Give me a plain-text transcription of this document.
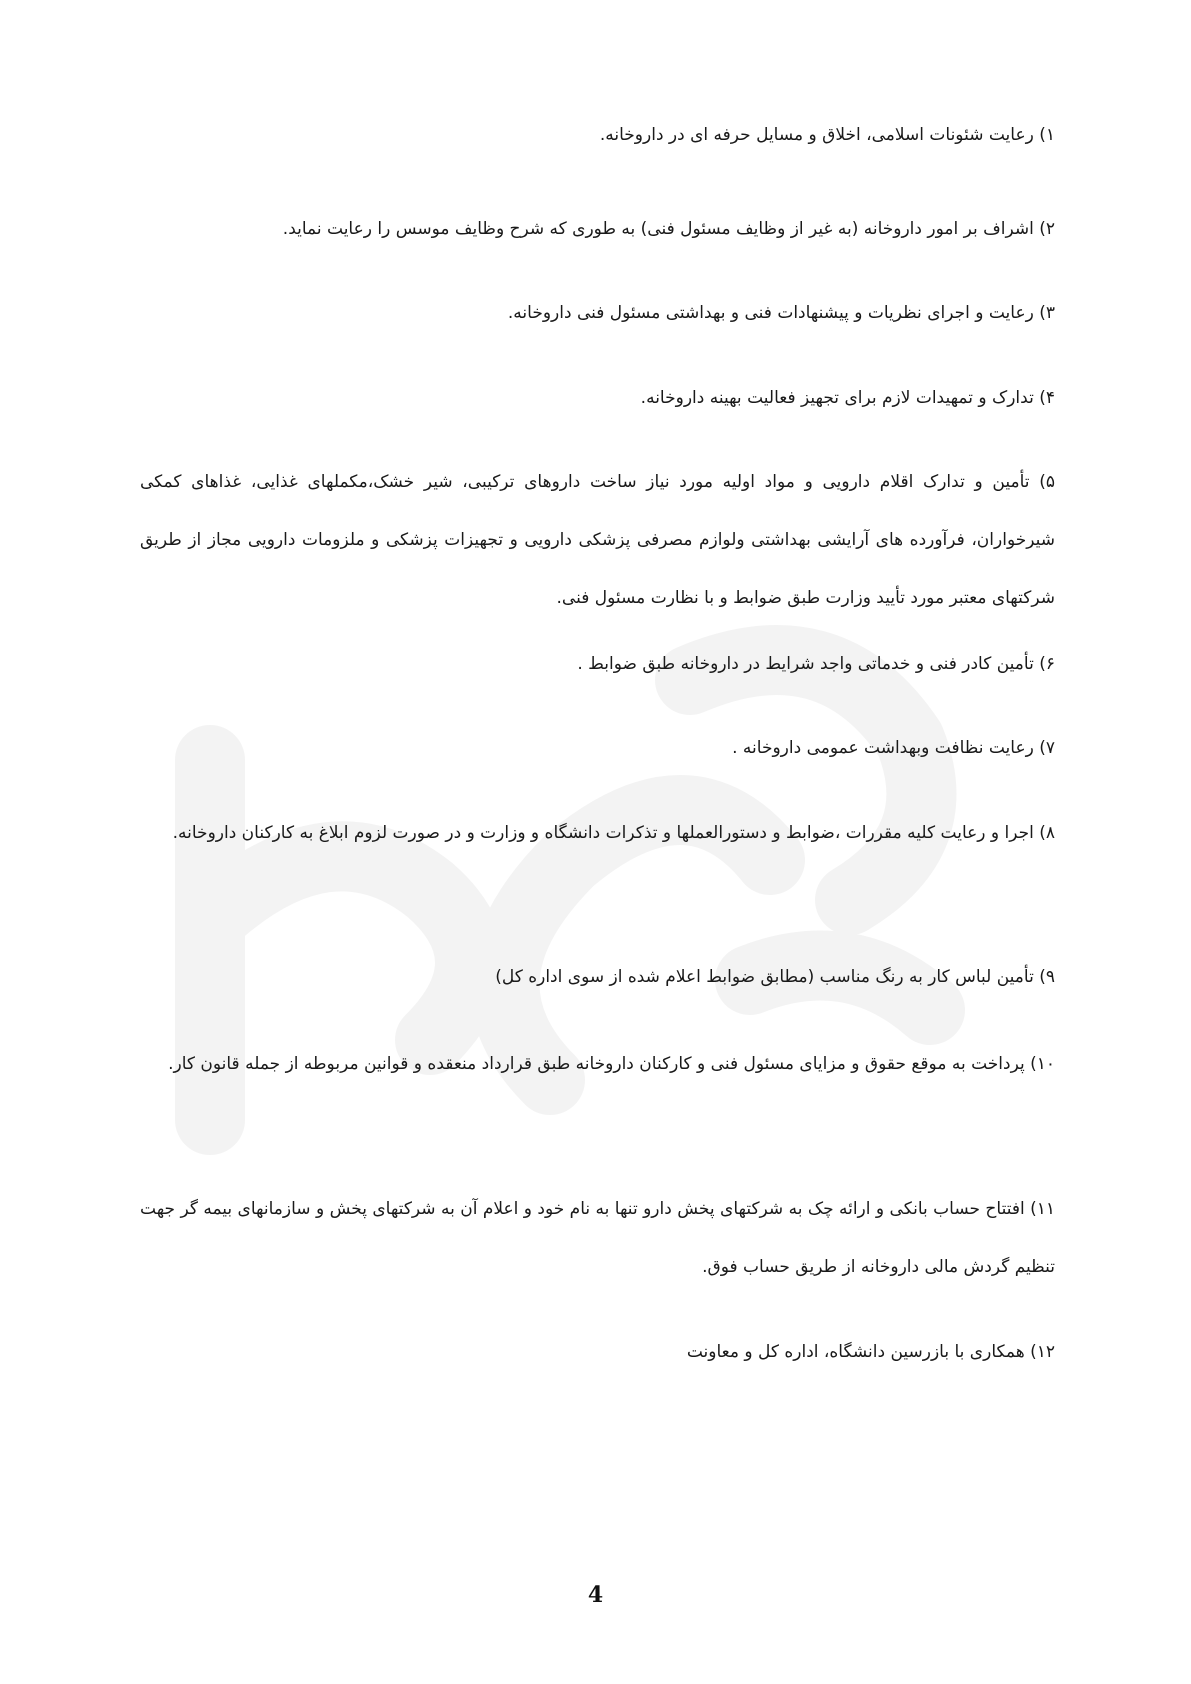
۱) رعایت شئونات اسلامی، اخلاق و مسایل حرفه ای در داروخانه.

۲) اشراف بر امور داروخانه (به غیر از وظایف مسئول فنی) به طوری که شرح وظایف موسس را رعایت نماید.

۳) رعایت و اجرای نظریات و پیشنهادات فنی و بهداشتی مسئول فنی داروخانه.

۴) تدارک و تمهیدات لازم برای تجهیز فعالیت بهینه داروخانه.

۵) تأمین و تدارک اقلام دارویی و مواد اولیه مورد نیاز ساخت داروهای ترکیبی، شیر خشک،مکملهای غذایی، غذاهای کمکی شیرخواران، فرآورده های آرایشی بهداشتی ولوازم مصرفی پزشکی دارویی و تجهیزات پزشکی و ملزومات دارویی مجاز از طریق شرکتهای معتبر مورد تأیید وزارت طبق ضوابط و با نظارت مسئول فنی.

۶) تأمین کادر فنی و خدماتی واجد شرایط در داروخانه طبق ضوابط .

۷) رعایت نظافت وبهداشت عمومی داروخانه .

۸) اجرا و رعایت کلیه مقررات ،ضوابط و دستورالعملها و تذکرات دانشگاه و وزارت و در صورت لزوم ابلاغ به کارکنان داروخانه.

۹) تأمین لباس کار به رنگ مناسب (مطابق ضوابط اعلام شده از سوی اداره کل)

۱۰) پرداخت به موقع حقوق و مزایای مسئول فنی و کارکنان داروخانه طبق قرارداد منعقده و قوانین مربوطه از جمله قانون کار.

۱۱) افتتاح حساب بانکی و ارائه چک به شرکتهای پخش دارو تنها به نام خود و اعلام آن به شرکتهای پخش و سازمانهای بیمه گر جهت تنظیم گردش مالی داروخانه از طریق حساب فوق.

۱۲) همکاری با بازرسین دانشگاه، اداره کل و معاونت

4
